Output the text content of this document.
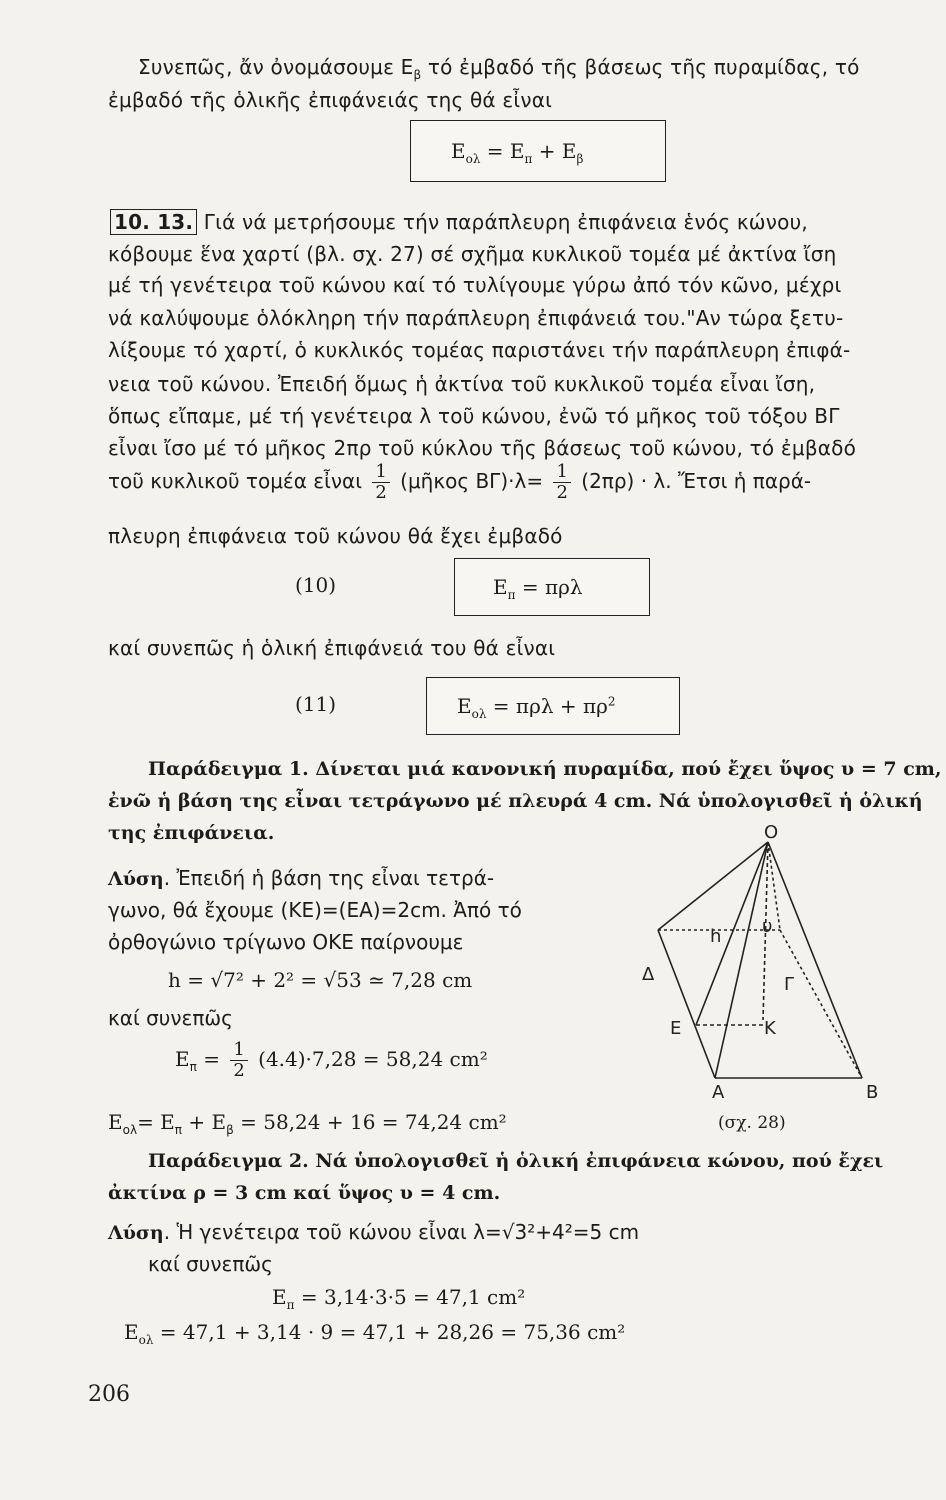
Συνεπῶς, ἄν ὀνομάσουμε $E_\beta$ τό ἐμβαδό τῆς βάσεως τῆς πυραμίδας, τό
ἐμβαδό τῆς ὁλικῆς ἐπιφάνειάς της θά εἶναι
$E_{o\lambda} = E_\pi + E_\beta$
10. 13. Γιά νά μετρήσουμε τήν παράπλευρη ἐπιφάνεια ἑνός κώνου,
κόβουμε ἕνα χαρτί (βλ. σχ. 27) σέ σχῆμα κυκλικοῦ τομέα μέ ἀκτίνα ἴση
μέ τή γενέτειρα τοῦ κώνου καί τό τυλίγουμε γύρω ἀπό τόν κῶνο, μέχρι
νά καλύψουμε ὁλόκληρη τήν παράπλευρη ἐπιφάνειά του."Αν τώρα ξετυ-
λίξουμε τό χαρτί, ὁ κυκλικός τομέας παριστάνει τήν παράπλευρη ἐπιφά-
νεια τοῦ κώνου. Ἐπειδή ὅμως ἡ ἀκτίνα τοῦ κυκλικοῦ τομέα εἶναι ἴση,
ὅπως εἴπαμε, μέ τή γενέτειρα λ τοῦ κώνου, ἐνῶ τό μῆκος τοῦ τόξου ΒΓ
εἶναι ἴσο μέ τό μῆκος 2πρ τοῦ κύκλου τῆς βάσεως τοῦ κώνου, τό ἐμβαδό
τοῦ κυκλικοῦ τομέα εἶναι $\frac{1}{2}$ (μῆκος $B\Gamma)\cdot\lambda= \frac{1}{2} (2\pi\rho) \cdot \lambda$. Ἔτσι ἡ παρά-
πλευρη ἐπιφάνεια τοῦ κώνου θά ἔχει ἐμβαδό
(10)	$E_\pi = \pi\rho\lambda$
καί συνεπῶς ἡ ὁλική ἐπιφάνειά του θά εἶναι
(11)	$E_{o\lambda} = \pi\rho\lambda + \pi\rho^2$
Παράδειγμα 1. Δίνεται μιά κανονική πυραμίδα, πού ἔχει ὕψος υ = 7 cm,
ἐνῶ ἡ βάση της εἶναι τετράγωνο μέ πλευρά 4 cm. Νά ὑπολογισθεῖ ἡ ὁλική
της ἐπιφάνεια.
Λύση. Ἐπειδή ἡ βάση της εἶναι τετρά-
γωνο, θά ἔχουμε (ΚΕ)=(ΕΑ)=2cm. Ἀπό τό
ὀρθογώνιο τρίγωνο ΟΚΕ παίρνουμε
h = √7² + 2² = √53 ≃ 7,28 cm
καί συνεπῶς
$E_\pi = \frac{1}{2} (4.4)\cdot 7,28 = 58,24$ cm²
$E_{o\lambda}= E_\pi + E_\beta = 58,24 + 16 = 74,24$ cm²
O
h υ
Δ	Γ
Ε	Κ
Α	Β
(σχ. 28)
Παράδειγμα 2. Νά ὑπολογισθεῖ ἡ ὁλική ἐπιφάνεια κώνου, πού ἔχει
ἀκτίνα ρ = 3 cm καί ὕψος υ = 4 cm.
Λύση. Ἡ γενέτειρα τοῦ κώνου εἶναι λ=√3²+4²=5 cm
καί συνεπῶς
$E_\pi = 3,14\cdot 3\cdot 5 = 47,1$ cm²
$E_{o\lambda} = 47,1 + 3,14 \cdot 9 = 47,1 + 28,26 = 75,36$ cm²
206
